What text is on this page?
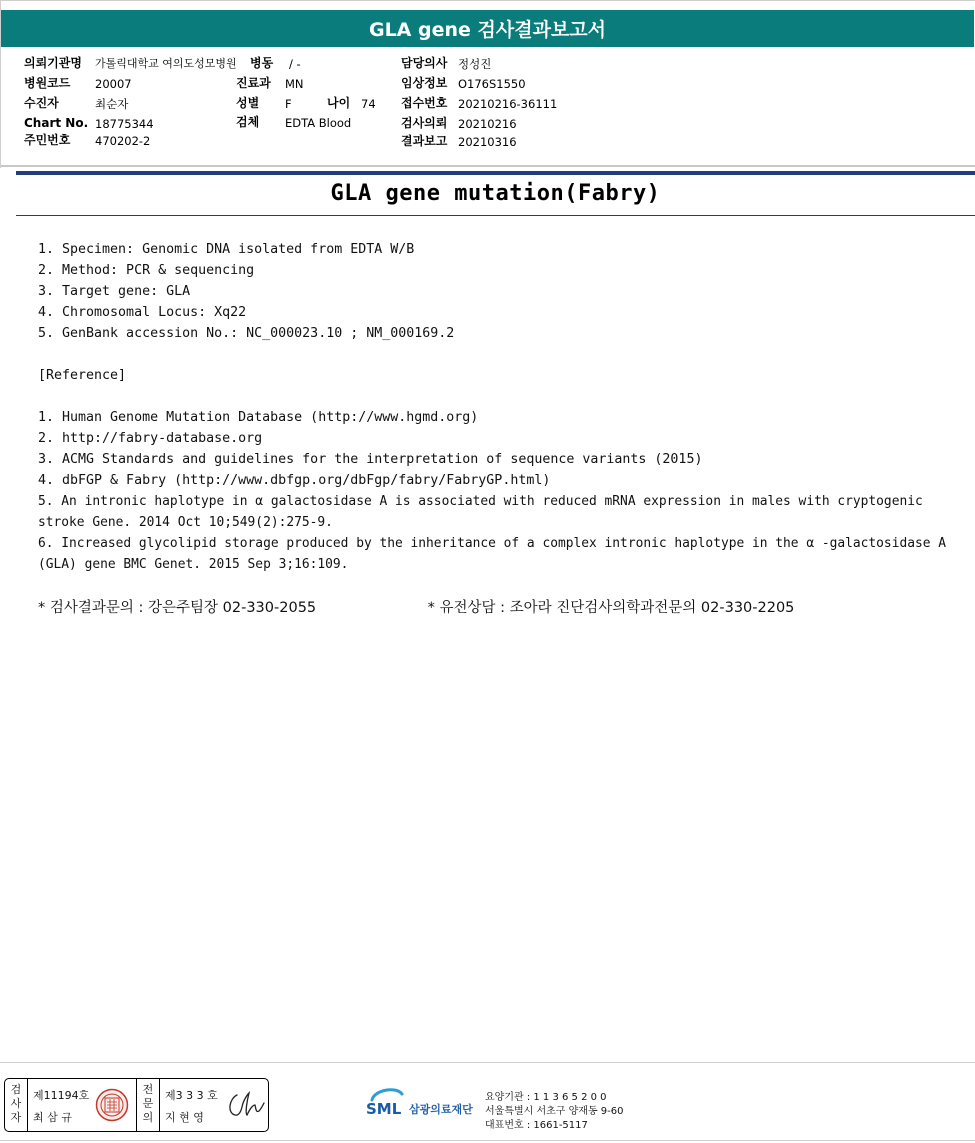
GLA gene 검사결과보고서
의뢰기관명 가톨릭대학교 여의도성모병원 병동 / -
병원코드 20007
수진자	최순자
Chart No. 18775344
주민번호 470202-2
진료과 MN
성별 F	나이 74
검체 EDTA Blood
담당의사 정성진
임상정보 O176S1550
접수번호 20210216-36111
검사의뢰 20210216
결과보고 20210316
GLA gene mutation(Fabry)
1. Specimen: Genomic DNA isolated from EDTA W/B
2. Method: PCR & sequencing
3. Target gene: GLA
4. Chromosomal Locus: Xq22
5. GenBank accession No.: NC_000023.10 ; NM_000169.2
[Reference]
1. Human Genome Mutation Database (http://www.hgmd.org)
2. http://fabry-database.org
3. ACMG Standards and guidelines for the interpretation of sequence variants (2015)
4. dbFGP & Fabry (http://www.dbfgp.org/dbFgp/fabry/FabryGP.html)
5. An intronic haplotype in α galactosidase A is associated with reduced mRNA expression in males with cryptogenic stroke Gene. 2014 Oct 10;549(2):275-9.
6. Increased glycolipid storage produced by the inheritance of a complex intronic haplotype in the α -galactosidase A (GLA) gene BMC Genet. 2015 Sep 3;16:109.
* 검사결과문의 : 강은주팀장 02-330-2055	* 유전상담 : 조아라 진단검사의학과전문의 02-330-2205
검사자
제11194호
최 삼 규
전문의
제3 3 3 호
지 현 영	SML 삼광의료재단
요양기관 : 1 1 3 6 5 2 0 0
서울특별시 서초구 양재동 9-60
대표번호 : 1661-5117
